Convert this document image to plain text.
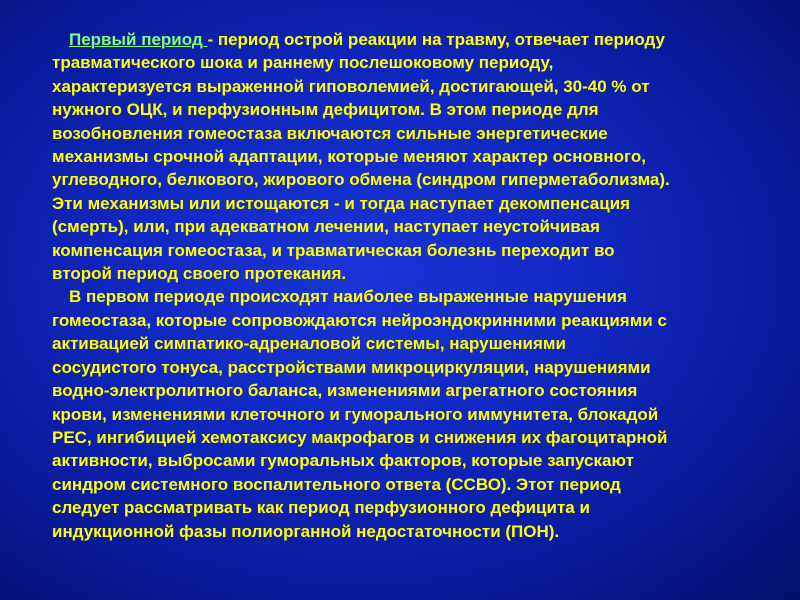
Первый период - период острой реакции на травму, отвечает периоду
травматического шока и раннему послешоковому периоду,
характеризуется выраженной гиповолемией, достигающей, 30-40 % от
нужного ОЦК, и перфузионным дефицитом. В этом периоде для
возобновления гомеостаза включаются сильные энергетические
механизмы срочной адаптации, которые меняют характер основного,
углеводного, белкового, жирового обмена (синдром гиперметаболизма).
Эти механизмы или истощаются - и тогда наступает декомпенсация
(смерть), или, при адекватном лечении, наступает неустойчивая
компенсация гомеостаза, и травматическая болезнь переходит во
второй период своего протекания.
В первом периоде происходят наиболее выраженные нарушения
гомеостаза, которые сопровождаются нейроэндокринними реакциями с
активацией симпатико-адреналовой системы, нарушениями
сосудистого тонуса, расстройствами микроциркуляции, нарушениями
водно-электролитного баланса, изменениями агрегатного состояния
крови, изменениями клеточного и гуморального иммунитета, блокадой
РЕС, ингибицией хемотаксису макрофагов и снижения их фагоцитарной
активности, выбросами гуморальных факторов, которые запускают
синдром системного воспалительного ответа (ССВО). Этот период
следует рассматривать как период перфузионного дефицита и
индукционной фазы полиорганной недостаточности (ПОН).
